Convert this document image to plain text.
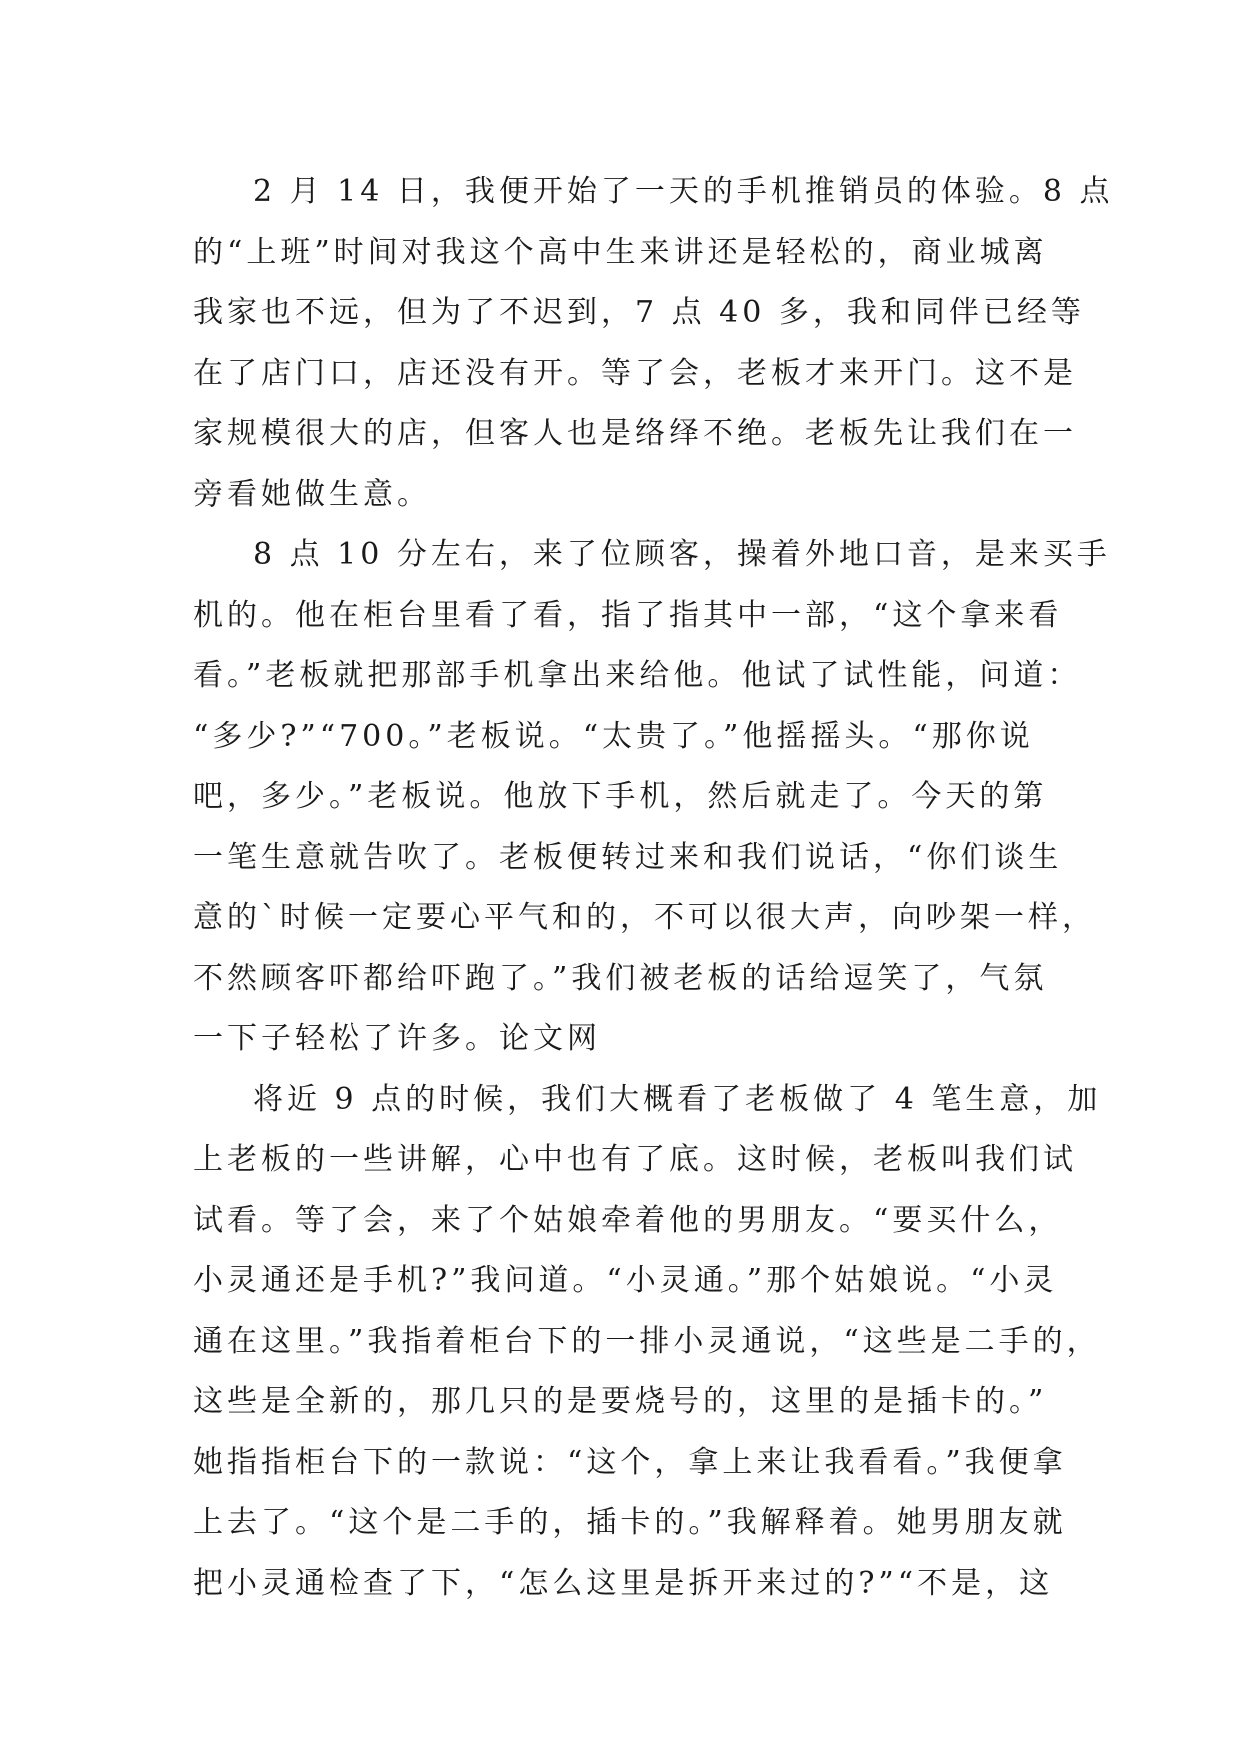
2 月 14 日，我便开始了一天的手机推销员的体验。8 点
的“上班”时间对我这个高中生来讲还是轻松的，商业城离
我家也不远，但为了不迟到，7 点 40 多，我和同伴已经等
在了店门口，店还没有开。等了会，老板才来开门。这不是
家规模很大的店，但客人也是络绎不绝。老板先让我们在一
旁看她做生意。
8 点 10 分左右，来了位顾客，操着外地口音，是来买手
机的。他在柜台里看了看，指了指其中一部，“这个拿来看
看。”老板就把那部手机拿出来给他。他试了试性能，问道：
“多少?”“700。”老板说。“太贵了。”他摇摇头。“那你说
吧，多少。”老板说。他放下手机，然后就走了。今天的第
一笔生意就告吹了。老板便转过来和我们说话，“你们谈生
意的`时候一定要心平气和的，不可以很大声，向吵架一样，
不然顾客吓都给吓跑了。”我们被老板的话给逗笑了，气氛
一下子轻松了许多。论文网
将近 9 点的时候，我们大概看了老板做了 4 笔生意，加
上老板的一些讲解，心中也有了底。这时候，老板叫我们试
试看。等了会，来了个姑娘牵着他的男朋友。“要买什么，
小灵通还是手机?”我问道。“小灵通。”那个姑娘说。“小灵
通在这里。”我指着柜台下的一排小灵通说，“这些是二手的，
这些是全新的，那几只的是要烧号的，这里的是插卡的。”
她指指柜台下的一款说：“这个，拿上来让我看看。”我便拿
上去了。“这个是二手的，插卡的。”我解释着。她男朋友就
把小灵通检查了下，“怎么这里是拆开来过的?”“不是，这
